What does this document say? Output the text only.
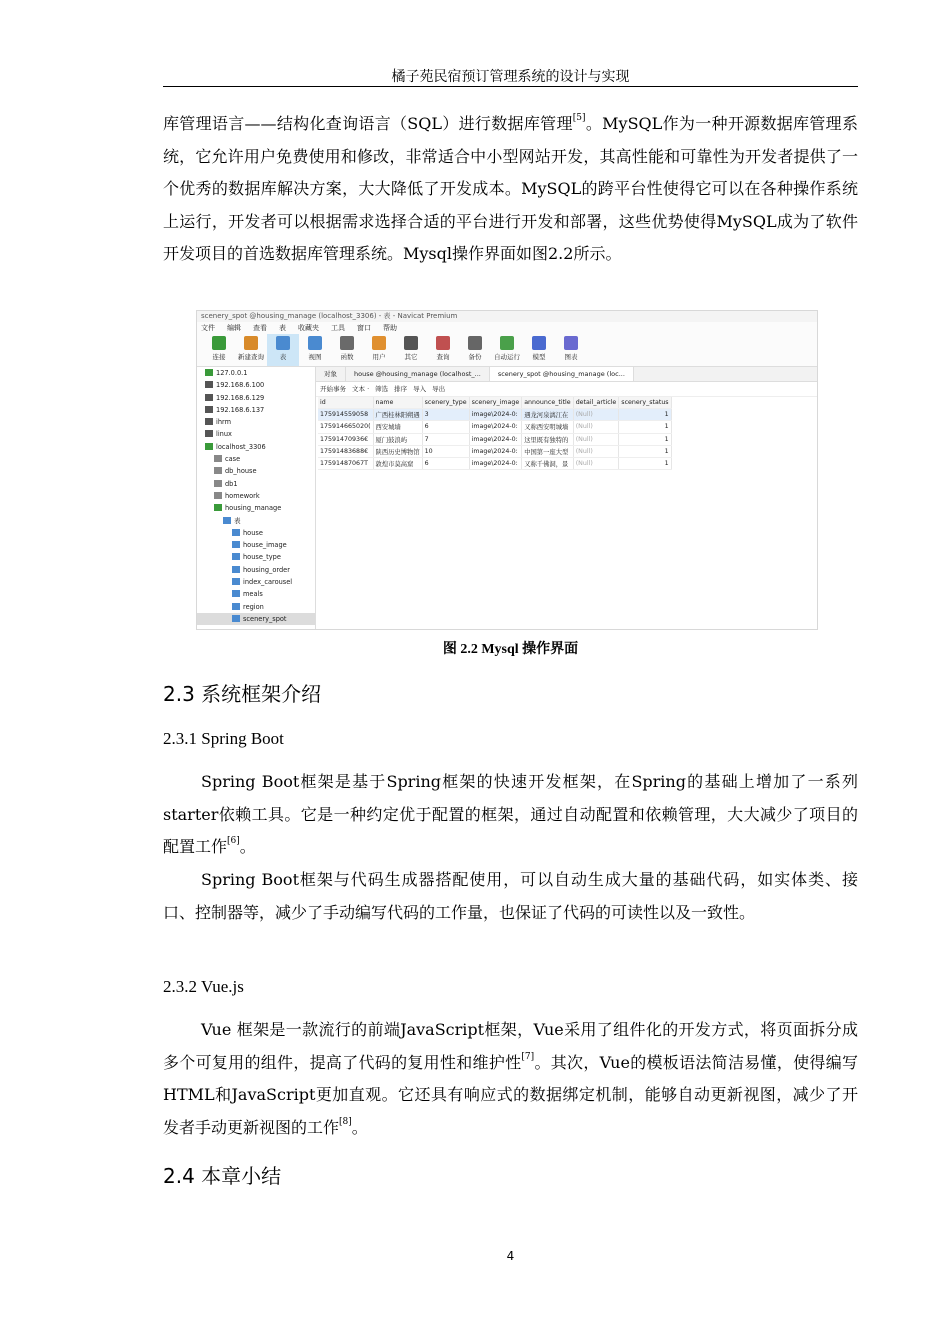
橘子苑民宿预订管理系统的设计与实现
库管理语言——结构化查询语言（SQL）进行数据库管理[5]。MySQL作为一种开源数据库管理系统，它允许用户免费使用和修改，非常适合中小型网站开发，其高性能和可靠性为开发者提供了一个优秀的数据库解决方案，大大降低了开发成本。MySQL的跨平台性使得它可以在各种操作系统上运行，开发者可以根据需求选择合适的平台进行开发和部署，这些优势使得MySQL成为了软件开发项目的首选数据库管理系统。Mysql操作界面如图2.2所示。
scenery_spot @housing_manage (localhost_3306) - 表 - Navicat Premium
文件 编辑 查看 表 收藏夹 工具 窗口 帮助
连接	新建查询	表	视图	函数	用户	其它	查询	备份	自动运行	模型	图表
127.0.0.1
192.168.6.100
192.168.6.129
192.168.6.137
ihrm
linux
localhost_3306
case
db_house
db1
homework
housing_manage
表
house
house_image
house_type
housing_order
index_carousel
meals
region
scenery_spot
对象	house @housing_manage (localhost_...	scenery_spot @housing_manage (loc...
开始事务 文本 · 筛选 排序 导入 导出
id	name	scenery_type	scenery_image	announce_title	detail_article	scenery_status
175914559058	广西桂林阳朔遇	3	image\2024-0:	遇龙河泉漓江在	(Null)	1
175914665020(	西安城墙	6	image\2024-0:	又称西安明城墙	(Null)	1
17591470936€	厦门鼓浪屿	7	image\2024-0:	这里既有独特的	(Null)	1
17591483688€	陕西历史博物馆	10	image\2024-0:	中国第一座大型	(Null)	1
17591487067T	敦煌市莫高窟	6	image\2024-0:	又称千佛洞，景	(Null)	1
图 2.2 Mysql 操作界面
2.3 系统框架介绍
2.3.1 Spring Boot
Spring Boot框架是基于Spring框架的快速开发框架，在Spring的基础上增加了一系列starter依赖工具。它是一种约定优于配置的框架，通过自动配置和依赖管理，大大减少了项目的配置工作[6]。
Spring Boot框架与代码生成器搭配使用，可以自动生成大量的基础代码，如实体类、接口、控制器等，减少了手动编写代码的工作量，也保证了代码的可读性以及一致性。
2.3.2 Vue.js
Vue 框架是一款流行的前端JavaScript框架，Vue采用了组件化的开发方式，将页面拆分成多个可复用的组件，提高了代码的复用性和维护性[7]。其次，Vue的模板语法简洁易懂，使得编写HTML和JavaScript更加直观。它还具有响应式的数据绑定机制，能够自动更新视图，减少了开发者手动更新视图的工作[8]。
2.4 本章小结
4
